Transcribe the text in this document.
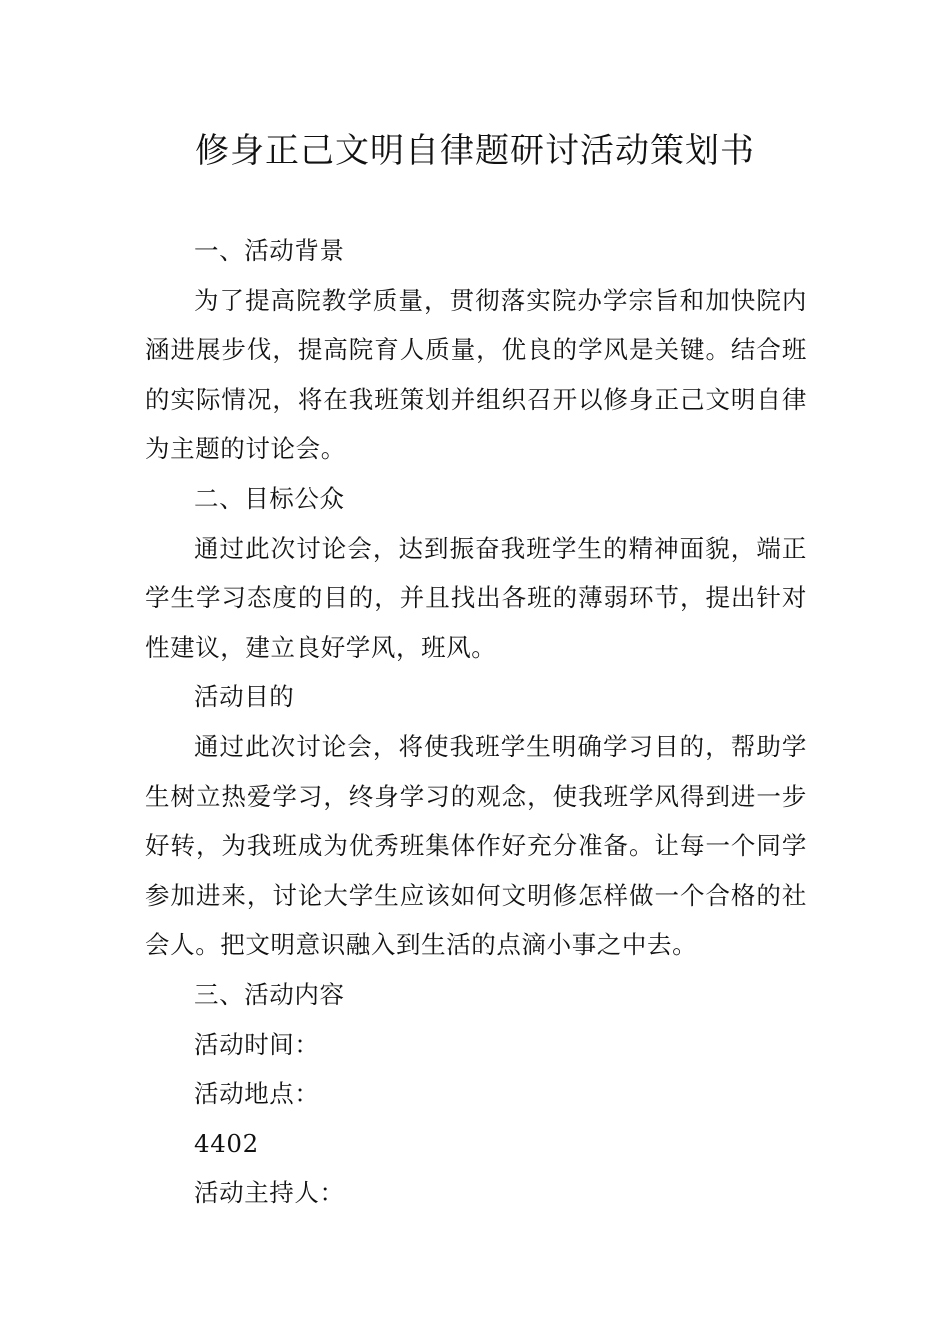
修身正己文明自律题研讨活动策划书

一、活动背景

为了提高院教学质量，贯彻落实院办学宗旨和加快院内涵进展步伐，提高院育人质量，优良的学风是关键。结合班的实际情况，将在我班策划并组织召开以修身正己文明自律为主题的讨论会。

二、目标公众

通过此次讨论会，达到振奋我班学生的精神面貌，端正学生学习态度的目的，并且找出各班的薄弱环节，提出针对性建议，建立良好学风，班风。

活动目的

通过此次讨论会，将使我班学生明确学习目的，帮助学生树立热爱学习，终身学习的观念，使我班学风得到进一步好转，为我班成为优秀班集体作好充分准备。让每一个同学参加进来，讨论大学生应该如何文明修怎样做一个合格的社会人。把文明意识融入到生活的点滴小事之中去。

三、活动内容

活动时间：

活动地点：

4402

活动主持人：
